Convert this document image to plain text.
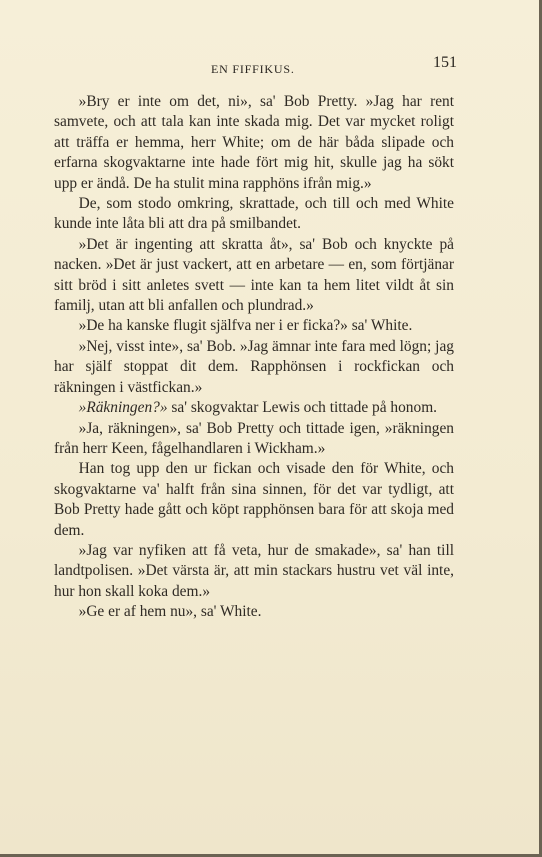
EN FIFFIKUS.	151

»Bry er inte om det, ni», sa' Bob Pretty. »Jag har rent samvete, och att tala kan inte skada mig. Det var mycket roligt att träffa er hemma, herr White; om de här båda slipade och erfarna skogvaktarne inte hade fört mig hit, skulle jag ha sökt upp er ändå. De ha stulit mina rapphöns ifrån mig.»

De, som stodo omkring, skrattade, och till och med White kunde inte låta bli att dra på smilbandet.

»Det är ingenting att skratta åt», sa' Bob och knyckte på nacken. »Det är just vackert, att en arbetare — en, som förtjänar sitt bröd i sitt anletes svett — inte kan ta hem litet vildt åt sin familj, utan att bli anfallen och plundrad.»

»De ha kanske flugit själfva ner i er ficka?» sa' White.

»Nej, visst inte», sa' Bob. »Jag ämnar inte fara med lögn; jag har själf stoppat dit dem. Rapphönsen i rockfickan och räkningen i västfickan.»

»Räkningen?» sa' skogvaktar Lewis och tittade på honom.

»Ja, räkningen», sa' Bob Pretty och tittade igen, »räkningen från herr Keen, fågelhandlaren i Wickham.»

Han tog upp den ur fickan och visade den för White, och skogvaktarne va' halft från sina sinnen, för det var tydligt, att Bob Pretty hade gått och köpt rapphönsen bara för att skoja med dem.

»Jag var nyfiken att få veta, hur de smakade», sa' han till landtpolisen. »Det värsta är, att min stackars hustru vet väl inte, hur hon skall koka dem.»

»Ge er af hem nu», sa' White.
